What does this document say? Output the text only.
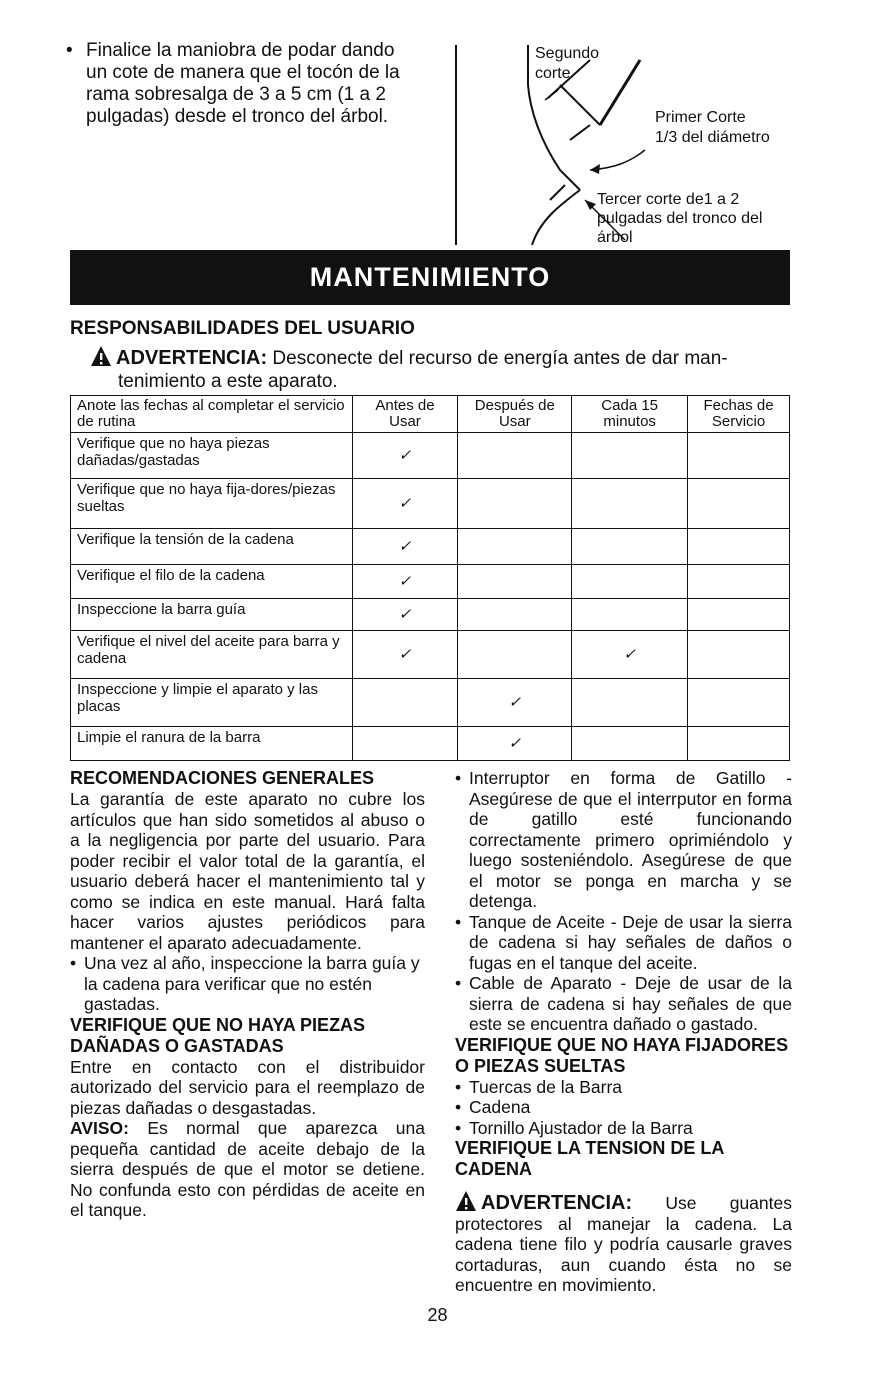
• Finalice la maniobra de podar dando
un cote de manera que el tocón de la
rama sobresalga de 3 a 5 cm (1 a 2
pulgadas) desde el tronco del árbol.
Segundo
corte
Primer Corte
1/3 del diámetro
Tercer corte de1 a 2
pulgadas del tronco del
árbol
MANTENIMIENTO
RESPONSABILIDADES DEL USUARIO
ADVERTENCIA: Desconecte del recurso de energía antes de dar man-
tenimiento a este aparato.
Anote las fechas al completar el servicio de rutina	Antes de Usar	Después de Usar	Cada 15 minutos	Fechas de Servicio
Verifique que no haya piezas dañadas/gastadas	✓			
Verifique que no haya fija-dores/piezas sueltas	✓			
Verifique la tensión de la cadena	✓			
Verifique el filo de la cadena	✓			
Inspeccione la barra guía	✓			
Verifique el nivel del aceite para barra y cadena	✓		✓	
Inspeccione y limpie el aparato y las placas		✓		
Limpie el ranura de la barra		✓		
RECOMENDACIONES GENERALES
La garantía de este aparato no cubre los artículos que han sido sometidos al abuso o a la negligencia por parte del usuario. Para poder recibir el valor total de la garantía, el usuario deberá hacer el mantenimiento tal y como se indica en este manual. Hará falta hacer varios ajustes periódicos para mantener el aparato adecuadamente.
• Una vez al año, inspeccione la barra guía y la cadena para verificar que no estén gastadas.
VERIFIQUE QUE NO HAYA PIEZAS DAÑADAS O GASTADAS
Entre en contacto con el distribuidor autorizado del servicio para el reemplazo de piezas dañadas o desgastadas.
AVISO: Es normal que aparezca una pequeña cantidad de aceite debajo de la sierra después de que el motor se detiene. No confunda esto con pérdidas de aceite en el tanque.
• Interruptor en forma de Gatillo - Asegúrese de que el interrputor en forma de gatillo esté funcionando correctamente primero oprimiéndolo y luego sosteniéndolo. Asegúrese de que el motor se ponga en marcha y se detenga.
• Tanque de Aceite - Deje de usar la sierra de cadena si hay señales de daños o fugas en el tanque del aceite.
• Cable de Aparato - Deje de usar de la sierra de cadena si hay señales de que este se encuentra dañado o gastado.
VERIFIQUE QUE NO HAYA FIJADORES O PIEZAS SUELTAS
• Tuercas de la Barra
• Cadena
• Tornillo Ajustador de la Barra
VERIFIQUE LA TENSION DE LA CADENA
ADVERTENCIA: Use guantes protectores al manejar la cadena. La cadena tiene filo y podría causarle graves cortaduras, aun cuando ésta no se encuentre en movimiento.
28
